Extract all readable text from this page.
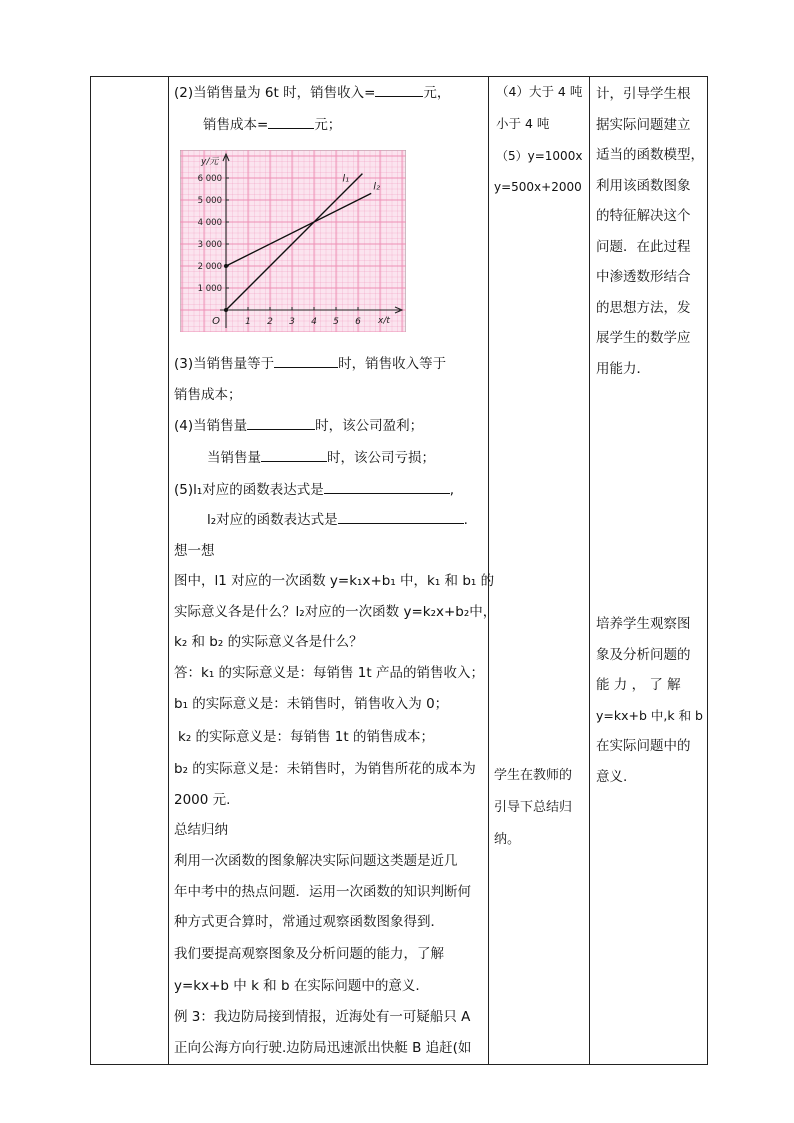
(2)当销售量为 6t 时，销售收入=	元，
销售成本=	元；
O	1 2 3 4 5 6
1 000
2 000
3 000
4 000
5 000
6 000
x/t
y/元
l₁
l₂
(3)当销售量等于	时，销售收入等于
销售成本；
(4)当销售量	时，该公司盈利；
当销售量	时，该公司亏损；
(5)l₁对应的函数表达式是	,
l₂对应的函数表达式是	.
想一想
图中，l1 对应的一次函数 y=k₁x+b₁ 中，k₁ 和 b₁ 的
实际意义各是什么？l₂对应的一次函数 y=k₂x+b₂中，
k₂ 和 b₂ 的实际意义各是什么？
答：k₁ 的实际意义是：每销售 1t 产品的销售收入；
b₁ 的实际意义是：未销售时，销售收入为 0；
k₂ 的实际意义是：每销售 1t 的销售成本；
b₂ 的实际意义是：未销售时，为销售所花的成本为
2000 元.
总结归纳
利用一次函数的图象解决实际问题这类题是近几
年中考中的热点问题．运用一次函数的知识判断何
种方式更合算时，常通过观察函数图象得到．
我们要提高观察图象及分析问题的能力，了解
y=kx+b 中 k 和 b 在实际问题中的意义.
例 3：我边防局接到情报，近海处有一可疑船只 A
正向公海方向行驶.边防局迅速派出快艇 B 追赶(如
（4）大于 4 吨
小于 4 吨
（5）y=1000x
y=500x+2000
学生在教师的
引导下总结归
纳。
计，引导学生根
据实际问题建立
适当的函数模型，
利用该函数图象
的特征解决这个
问题．在此过程
中渗透数形结合
的思想方法，发
展学生的数学应
用能力．
培养学生观察图
象及分析问题的
能 力 ， 了 解
y=kx+b 中,k 和 b
在实际问题中的
意义.
